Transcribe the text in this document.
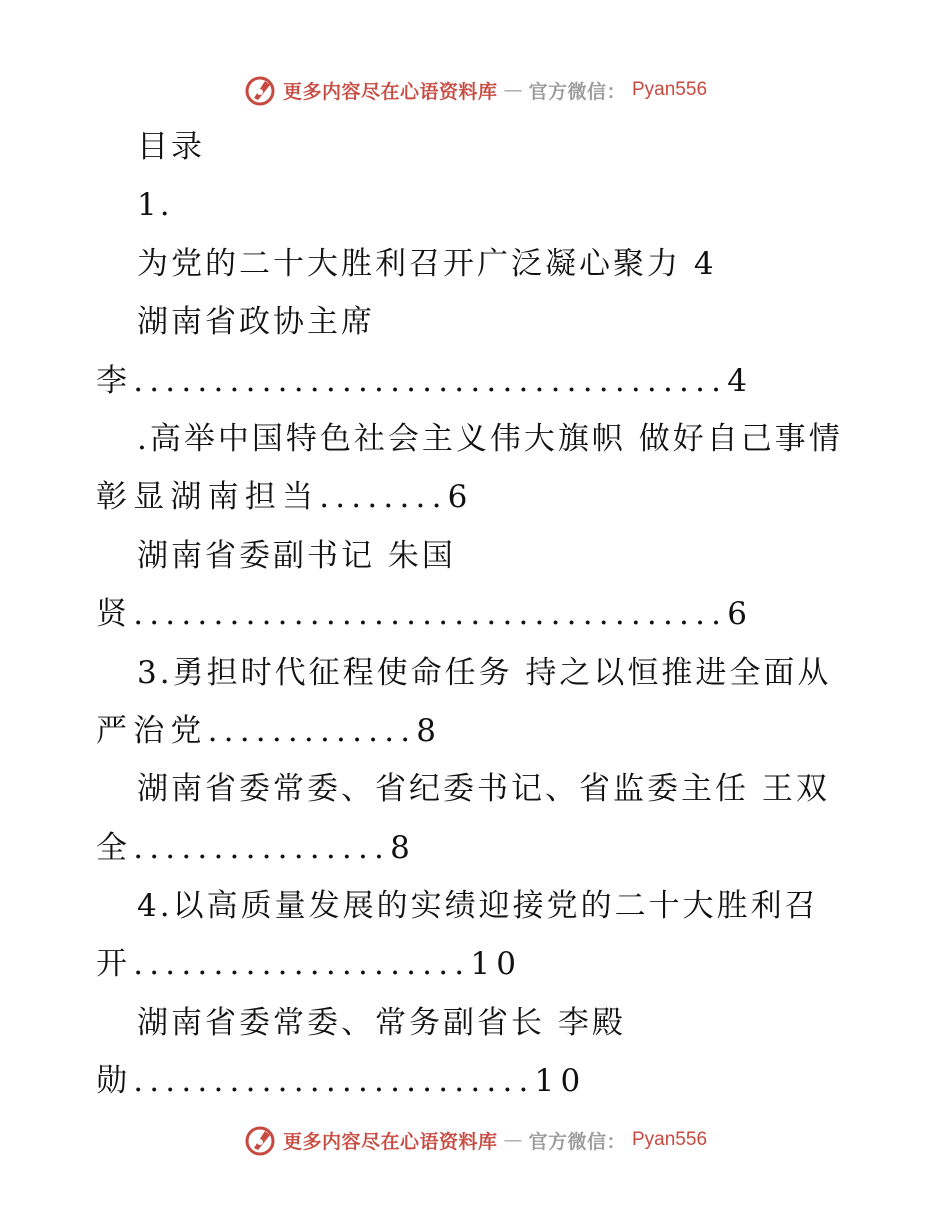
更多内容尽在心语资料库 — 官方微信： Pyan556
目录
1.
为党的二十大胜利召开广泛凝心聚力 4
湖南省政协主席
李.....................................4
.高举中国特色社会主义伟大旗帜 做好自己事情
彰显湖南担当........6
湖南省委副书记 朱国
贤.....................................6
3.勇担时代征程使命任务 持之以恒推进全面从
严治党.............8
湖南省委常委、省纪委书记、省监委主任 王双
全................8
4.以高质量发展的实绩迎接党的二十大胜利召
开.....................10
湖南省委常委、常务副省长 李殿
勋.........................10
更多内容尽在心语资料库 — 官方微信： Pyan556
